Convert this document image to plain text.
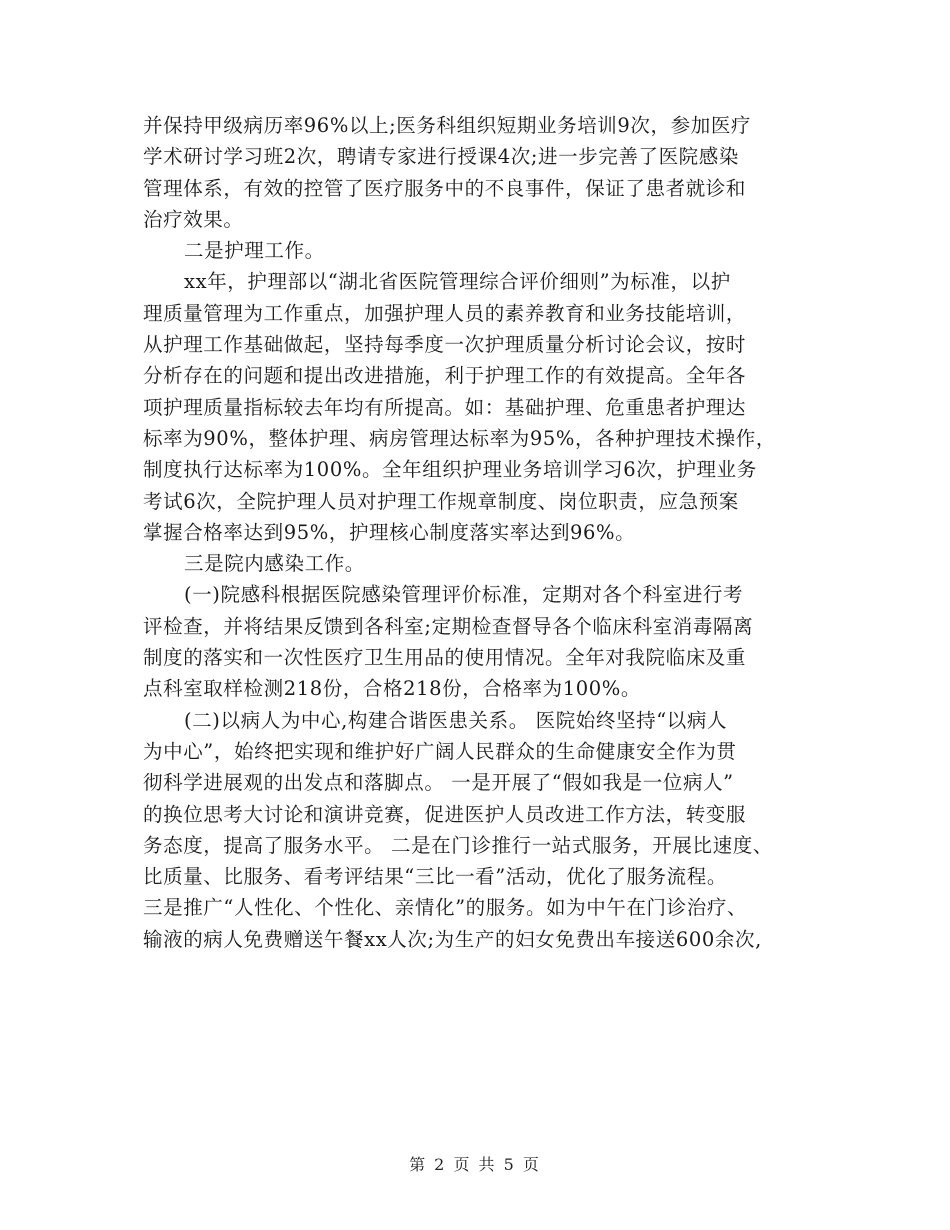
并保持甲级病历率96%以上;医务科组织短期业务培训9次，参加医疗
学术研讨学习班2次，聘请专家进行授课4次;进一步完善了医院感染
管理体系，有效的控管了医疗服务中的不良事件，保证了患者就诊和
治疗效果。
二是护理工作。
xx年，护理部以“湖北省医院管理综合评价细则”为标准，以护
理质量管理为工作重点，加强护理人员的素养教育和业务技能培训，
从护理工作基础做起，坚持每季度一次护理质量分析讨论会议，按时
分析存在的问题和提出改进措施，利于护理工作的有效提高。全年各
项护理质量指标较去年均有所提高。如：基础护理、危重患者护理达
标率为90%，整体护理、病房管理达标率为95%，各种护理技术操作，
制度执行达标率为100%。全年组织护理业务培训学习6次，护理业务
考试6次，全院护理人员对护理工作规章制度、岗位职责，应急预案
掌握合格率达到95%，护理核心制度落实率达到96%。
三是院内感染工作。
(一)院感科根据医院感染管理评价标准，定期对各个科室进行考
评检查，并将结果反馈到各科室;定期检查督导各个临床科室消毒隔离
制度的落实和一次性医疗卫生用品的使用情况。全年对我院临床及重
点科室取样检测218份，合格218份，合格率为100%。
(二)以病人为中心,构建合谐医患关系。 医院始终坚持“以病人
为中心”，始终把实现和维护好广阔人民群众的生命健康安全作为贯
彻科学进展观的出发点和落脚点。 一是开展了“假如我是一位病人”
的换位思考大讨论和演讲竞赛，促进医护人员改进工作方法，转变服
务态度，提高了服务水平。 二是在门诊推行一站式服务，开展比速度、
比质量、比服务、看考评结果“三比一看”活动，优化了服务流程。
三是推广“人性化、个性化、亲情化”的服务。如为中午在门诊治疗、
输液的病人免费赠送午餐xx人次;为生产的妇女免费出车接送600余次,
第 2 页 共 5 页
